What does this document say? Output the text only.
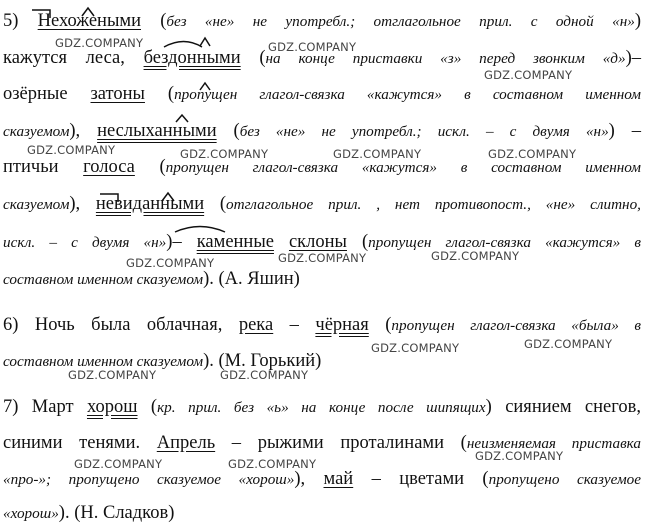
5) Нехожеными (без «не» не употребл.; отглагольное прил. с одной «н»)
кажутся леса, бездонными (на конце приставки «з» перед звонким «д»)–
озёрные затоны (пропущен глагол-связка «кажутся» в составном именном
сказуемом), неслыханными (без «не» не употребл.; искл. – с двумя «н») –
птичьи голоса (пропущен глагол-связка «кажутся» в составном именном
сказуемом), невиданными (отглагольное прил. , нет противопост., «не» слитно,
искл. – с двумя «н»)– каменные склоны (пропущен глагол-связка «кажутся» в
составном именном сказуемом). (А. Яшин)
6) Ночь была облачная, река – чёрная (пропущен глагол-связка «была» в
составном именном сказуемом). (М. Горький)
7) Март хорош (кр. прил. без «ь» на конце после шипящих) сиянием снегов,
синими тенями. Апрель – рыжими проталинами (неизменяемая приставка
«про-»; пропущено сказуемое «хорош»), май – цветами (пропущено сказуемое
«хорош»). (Н. Сладков)
GDZ.COMPANY	GDZ.COMPANY
GDZ.COMPANY
GDZ.COMPANY	GDZ.COMPANY	GDZ.COMPANY	GDZ.COMPANY
GDZ.COMPANY	GDZ.COMPANY	GDZ.COMPANY
GDZ.COMPANY	GDZ.COMPANY
GDZ.COMPANY	GDZ.COMPANY
GDZ.COMPANY
GDZ.COMPANY	GDZ.COMPANY
